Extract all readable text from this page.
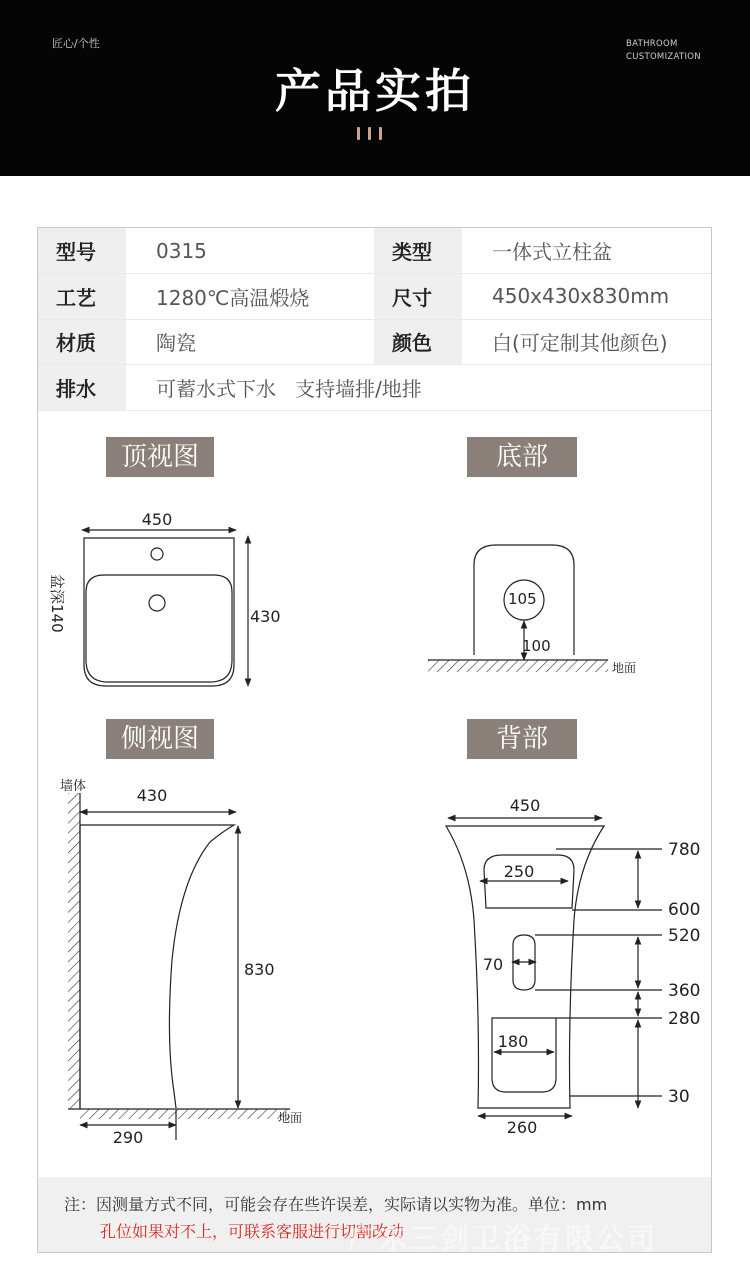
匠心/个性	BATHROOM
CUSTOMIZATION
产品实拍
型号	0315	类型	一体式立柱盆
工艺	1280℃高温煅烧	尺寸	450x430x830mm
材质	陶瓷	颜色	白(可定制其他颜色)
排水	可蓄水式下水   支持墙排/地排		
顶视图	底部
侧视图	背部
450
430
盆深140	105
100
地面
墙体	430
830
290
地面
450
250
70
180
260
780
600
520
360
280
30
注：因测量方式不同，可能会存在些许误差，实际请以实物为准。单位：mm
孔位如果对不上，可联系客服进行切割改动
广东三剑卫浴有限公司
